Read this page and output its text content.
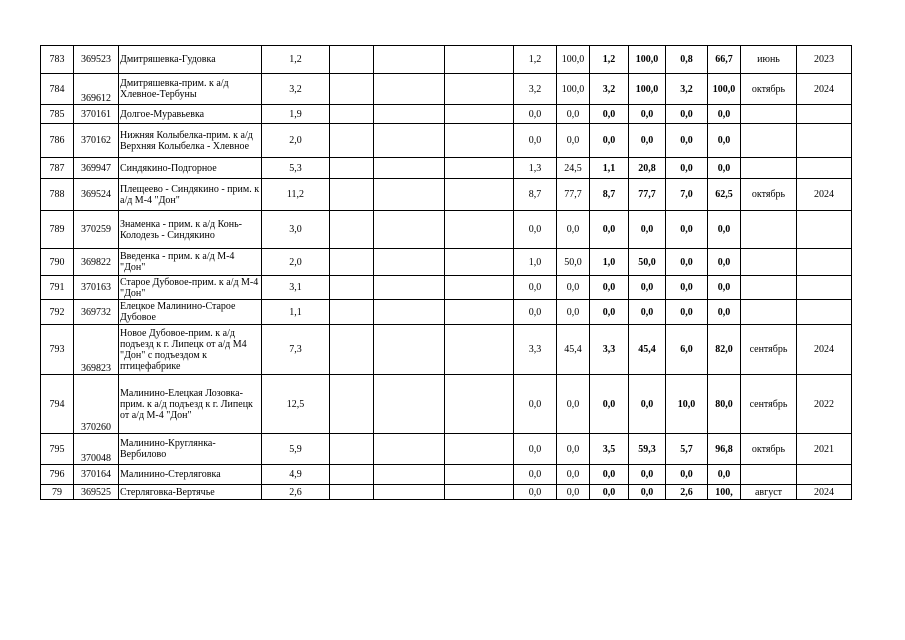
783	369523	Дмитряшевка-Гудовка	1,2				1,2	100,0	1,2	100,0	0,8	66,7	июнь	2023
784	369612	Дмитряшевка-прим. к а/д Хлевное-Тербуны	3,2				3,2	100,0	3,2	100,0	3,2	100,0	октябрь	2024
785	370161	Долгое-Муравьевка	1,9				0,0	0,0	0,0	0,0	0,0	0,0		
786	370162	Нижняя Колыбелка-прим. к а/д Верхняя Колыбелка - Хлевное	2,0				0,0	0,0	0,0	0,0	0,0	0,0		
787	369947	Синдякино-Подгорное	5,3				1,3	24,5	1,1	20,8	0,0	0,0		
788	369524	Плещеево - Синдякино - прим. к а/д М-4 "Дон"	11,2				8,7	77,7	8,7	77,7	7,0	62,5	октябрь	2024
789	370259	Знаменка - прим. к а/д Конь-Колодезь - Синдякино	3,0				0,0	0,0	0,0	0,0	0,0	0,0		
790	369822	Введенка - прим. к а/д М-4 "Дон"	2,0				1,0	50,0	1,0	50,0	0,0	0,0		
791	370163	Старое Дубовое-прим. к а/д М-4 "Дон"	3,1				0,0	0,0	0,0	0,0	0,0	0,0		
792	369732	Елецкое Малинино-Старое Дубовое	1,1				0,0	0,0	0,0	0,0	0,0	0,0		
793	369823	Новое Дубовое-прим. к а/д подъезд к г. Липецк от а/д М4 "Дон" с подъездом к птицефабрике	7,3				3,3	45,4	3,3	45,4	6,0	82,0	сентябрь	2024
794	370260	Малинино-Елецкая Лозовка-прим. к а/д подъезд к г. Липецк от а/д М-4 "Дон"	12,5				0,0	0,0	0,0	0,0	10,0	80,0	сентябрь	2022
795	370048	Малинино-Круглянка-Вербилово	5,9				0,0	0,0	3,5	59,3	5,7	96,8	октябрь	2021
796	370164	Малинино-Стерляговка	4,9				0,0	0,0	0,0	0,0	0,0	0,0		
79	369525	Стерляговка-Вертячье	2,6				0,0	0,0	0,0	0,0	2,6	100,	август	2024
